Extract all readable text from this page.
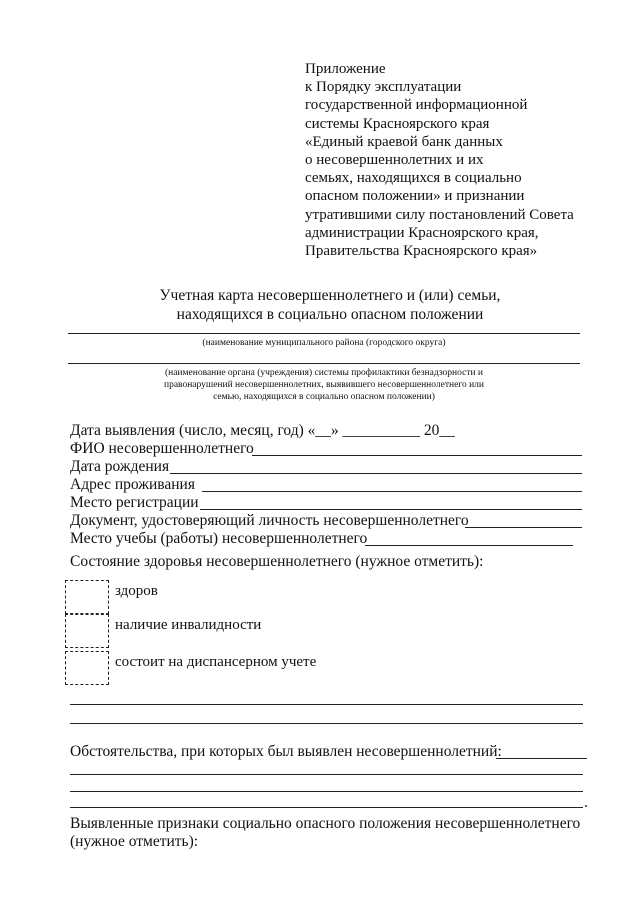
Приложение
к Порядку эксплуатации
государственной информационной
системы Красноярского края
«Единый краевой банк данных
о несовершеннолетних и их
семьях, находящихся в социально
опасном положении» и признании
утратившими силу постановлений Совета
администрации Красноярского края,
Правительства Красноярского края»
Учетная карта несовершеннолетнего и (или) семьи,
находящихся в социально опасном положении
(наименование муниципального района (городского округа)
(наименование органа (учреждения) системы профилактики безнадзорности и
правонарушений несовершеннолетних, выявившего несовершеннолетнего или
семью, находящихся в социально опасном положении)
Дата выявления (число, месяц, год) «__» __________ 20__
ФИО несовершеннолетнего
Дата рождения
Адрес проживания
Место регистрации
Документ, удостоверяющий личность несовершеннолетнего
Место учебы (работы) несовершеннолетнего
Состояние здоровья несовершеннолетнего (нужное отметить):
здоров
наличие инвалидности
состоит на диспансерном учете
Обстоятельства, при которых был выявлен несовершеннолетний:
.
Выявленные признаки социально опасного положения несовершеннолетнего
(нужное отметить):
